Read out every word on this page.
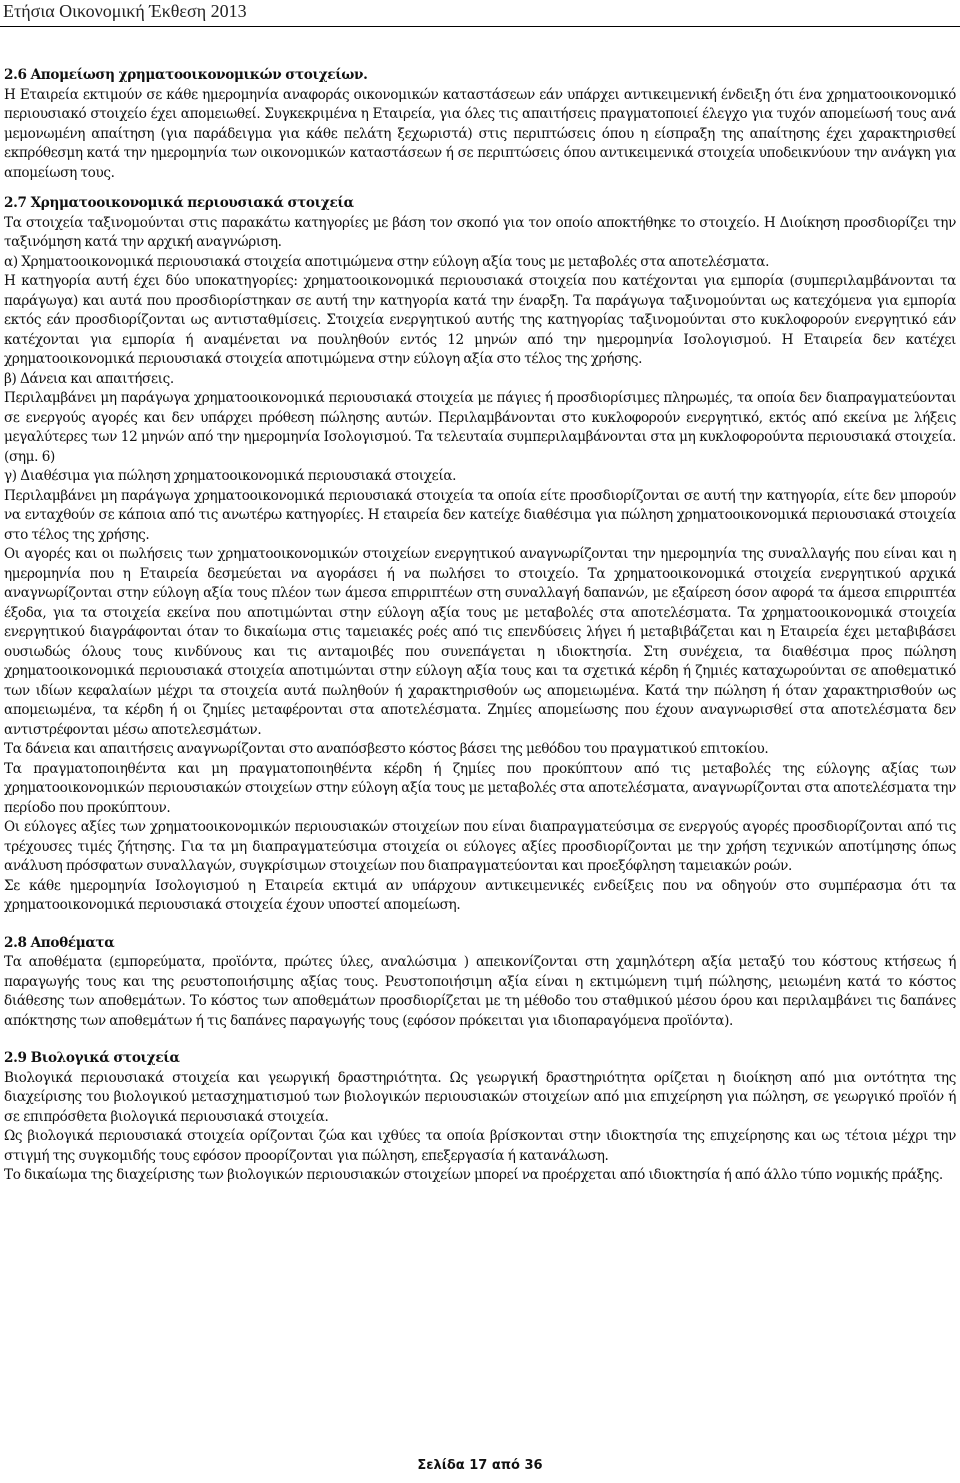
Ετήσια Οικονομική Έκθεση 2013
2.6 Απομείωση χρηματοοικονομικών στοιχείων.

Η Εταιρεία εκτιμούν σε κάθε ημερομηνία αναφοράς οικονομικών καταστάσεων εάν υπάρχει αντικειμενική ένδειξη ότι ένα χρηματοοικονομικό περιουσιακό στοιχείο έχει απομειωθεί. Συγκεκριμένα η Εταιρεία, για όλες τις απαιτήσεις πραγματοποιεί έλεγχο για τυχόν απομείωσή τους ανά μεμονωμένη απαίτηση (για παράδειγμα για κάθε πελάτη ξεχωριστά) στις περιπτώσεις όπου η είσπραξη της απαίτησης έχει χαρακτηρισθεί εκπρόθεσμη κατά την ημερομηνία των οικονομικών καταστάσεων ή σε περιπτώσεις όπου αντικειμενικά στοιχεία υποδεικνύουν την ανάγκη για απομείωση τους.

2.7 Χρηματοοικονομικά περιουσιακά στοιχεία

Τα στοιχεία ταξινομούνται στις παρακάτω κατηγορίες με βάση τον σκοπό για τον οποίο αποκτήθηκε το στοιχείο. Η Διοίκηση προσδιορίζει την ταξινόμηση κατά την αρχική αναγνώριση.

α) Χρηματοοικονομικά περιουσιακά στοιχεία αποτιμώμενα στην εύλογη αξία τους με μεταβολές στα αποτελέσματα.

Η κατηγορία αυτή έχει δύο υποκατηγορίες: χρηματοοικονομικά περιουσιακά στοιχεία που κατέχονται για εμπορία (συμπεριλαμβάνονται τα παράγωγα) και αυτά που προσδιορίστηκαν σε αυτή την κατηγορία κατά την έναρξη. Τα παράγωγα ταξινομούνται ως κατεχόμενα για εμπορία εκτός εάν προσδιορίζονται ως αντισταθμίσεις. Στοιχεία ενεργητικού αυτής της κατηγορίας ταξινομούνται στο κυκλοφορούν ενεργητικό εάν κατέχονται για εμπορία ή αναμένεται να πουληθούν εντός 12 μηνών από την ημερομηνία Ισολογισμού. Η Εταιρεία δεν κατέχει χρηματοοικονομικά περιουσιακά στοιχεία αποτιμώμενα στην εύλογη αξία στο τέλος της χρήσης.

β) Δάνεια και απαιτήσεις.

Περιλαμβάνει μη παράγωγα χρηματοοικονομικά περιουσιακά στοιχεία με πάγιες ή προσδιορίσιμες πληρωμές, τα οποία δεν διαπραγματεύονται σε ενεργούς αγορές και δεν υπάρχει πρόθεση πώλησης αυτών. Περιλαμβάνονται στο κυκλοφορούν ενεργητικό, εκτός από εκείνα με λήξεις μεγαλύτερες των 12 μηνών από την ημερομηνία Ισολογισμού. Τα τελευταία συμπεριλαμβάνονται στα μη κυκλοφορούντα περιουσιακά στοιχεία. (σημ. 6)

γ) Διαθέσιμα για πώληση χρηματοοικονομικά περιουσιακά στοιχεία.

Περιλαμβάνει μη παράγωγα χρηματοοικονομικά περιουσιακά στοιχεία τα οποία είτε προσδιορίζονται σε αυτή την κατηγορία, είτε δεν μπορούν να ενταχθούν σε κάποια από τις ανωτέρω κατηγορίες. Η εταιρεία δεν κατείχε διαθέσιμα για πώληση χρηματοοικονομικά περιουσιακά στοιχεία στο τέλος της χρήσης.

Οι αγορές και οι πωλήσεις των χρηματοοικονομικών στοιχείων ενεργητικού αναγνωρίζονται την ημερομηνία της συναλλαγής που είναι και η ημερομηνία που η Εταιρεία δεσμεύεται να αγοράσει ή να πωλήσει το στοιχείο. Τα χρηματοοικονομικά στοιχεία ενεργητικού αρχικά αναγνωρίζονται στην εύλογη αξία τους πλέον των άμεσα επιρριπτέων στη συναλλαγή δαπανών, με εξαίρεση όσον αφορά τα άμεσα επιρριπτέα έξοδα, για τα στοιχεία εκείνα που αποτιμώνται στην εύλογη αξία τους με μεταβολές στα αποτελέσματα. Τα χρηματοοικονομικά στοιχεία ενεργητικού διαγράφονται όταν το δικαίωμα στις ταμειακές ροές από τις επενδύσεις λήγει ή μεταβιβάζεται και η Εταιρεία έχει μεταβιβάσει ουσιωδώς όλους τους κινδύνους και τις ανταμοιβές που συνεπάγεται η ιδιοκτησία. Στη συνέχεια, τα διαθέσιμα προς πώληση χρηματοοικονομικά περιουσιακά στοιχεία αποτιμώνται στην εύλογη αξία τους και τα σχετικά κέρδη ή ζημιές καταχωρούνται σε αποθεματικό των ιδίων κεφαλαίων μέχρι τα στοιχεία αυτά πωληθούν ή χαρακτηρισθούν ως απομειωμένα. Κατά την πώληση ή όταν χαρακτηρισθούν ως απομειωμένα, τα κέρδη ή οι ζημίες μεταφέρονται στα αποτελέσματα. Ζημίες απομείωσης που έχουν αναγνωρισθεί στα αποτελέσματα δεν αντιστρέφονται μέσω αποτελεσμάτων.

Τα δάνεια και απαιτήσεις αναγνωρίζονται στο αναπόσβεστο κόστος βάσει της μεθόδου του πραγματικού επιτοκίου.

Τα πραγματοποιηθέντα και μη πραγματοποιηθέντα κέρδη ή ζημίες που προκύπτουν από τις μεταβολές της εύλογης αξίας των χρηματοοικονομικών περιουσιακών στοιχείων στην εύλογη αξία τους με μεταβολές στα αποτελέσματα, αναγνωρίζονται στα αποτελέσματα την περίοδο που προκύπτουν.

Οι εύλογες αξίες των χρηματοοικονομικών περιουσιακών στοιχείων που είναι διαπραγματεύσιμα σε ενεργούς αγορές προσδιορίζονται από τις τρέχουσες τιμές ζήτησης. Για τα μη διαπραγματεύσιμα στοιχεία οι εύλογες αξίες προσδιορίζονται με την χρήση τεχνικών αποτίμησης όπως ανάλυση πρόσφατων συναλλαγών, συγκρίσιμων στοιχείων που διαπραγματεύονται και προεξόφληση ταμειακών ροών.

Σε κάθε ημερομηνία Ισολογισμού η Εταιρεία εκτιμά αν υπάρχουν αντικειμενικές ενδείξεις που να οδηγούν στο συμπέρασμα ότι τα χρηματοοικονομικά περιουσιακά στοιχεία έχουν υποστεί απομείωση.

2.8 Αποθέματα

Τα αποθέματα (εμπορεύματα, προϊόντα, πρώτες ύλες, αναλώσιμα ) απεικονίζονται στη χαμηλότερη αξία μεταξύ του κόστους κτήσεως ή παραγωγής τους και της ρευστοποιήσιμης αξίας τους. Ρευστοποιήσιμη αξία είναι η εκτιμώμενη τιμή πώλησης, μειωμένη κατά το κόστος διάθεσης των αποθεμάτων. Το κόστος των αποθεμάτων προσδιορίζεται με τη μέθοδο του σταθμικού μέσου όρου και περιλαμβάνει τις δαπάνες απόκτησης των αποθεμάτων ή τις δαπάνες παραγωγής τους (εφόσον πρόκειται για ιδιοπαραγόμενα προϊόντα).

2.9 Βιολογικά στοιχεία

Βιολογικά περιουσιακά στοιχεία και γεωργική δραστηριότητα. Ως γεωργική δραστηριότητα ορίζεται η διοίκηση από μια οντότητα της διαχείρισης του βιολογικού μετασχηματισμού των βιολογικών περιουσιακών στοιχείων από μια επιχείρηση για πώληση, σε γεωργικό προϊόν ή σε επιπρόσθετα βιολογικά περιουσιακά στοιχεία.

Ως βιολογικά περιουσιακά στοιχεία ορίζονται ζώα και ιχθύες τα οποία βρίσκονται στην ιδιοκτησία της επιχείρησης και ως τέτοια μέχρι την στιγμή της συγκομιδής τους εφόσον προορίζονται για πώληση, επεξεργασία ή κατανάλωση.

Το δικαίωμα της διαχείρισης των βιολογικών περιουσιακών στοιχείων μπορεί να προέρχεται από ιδιοκτησία ή από άλλο τύπο νομικής πράξης.

Σελίδα 17 από 36
